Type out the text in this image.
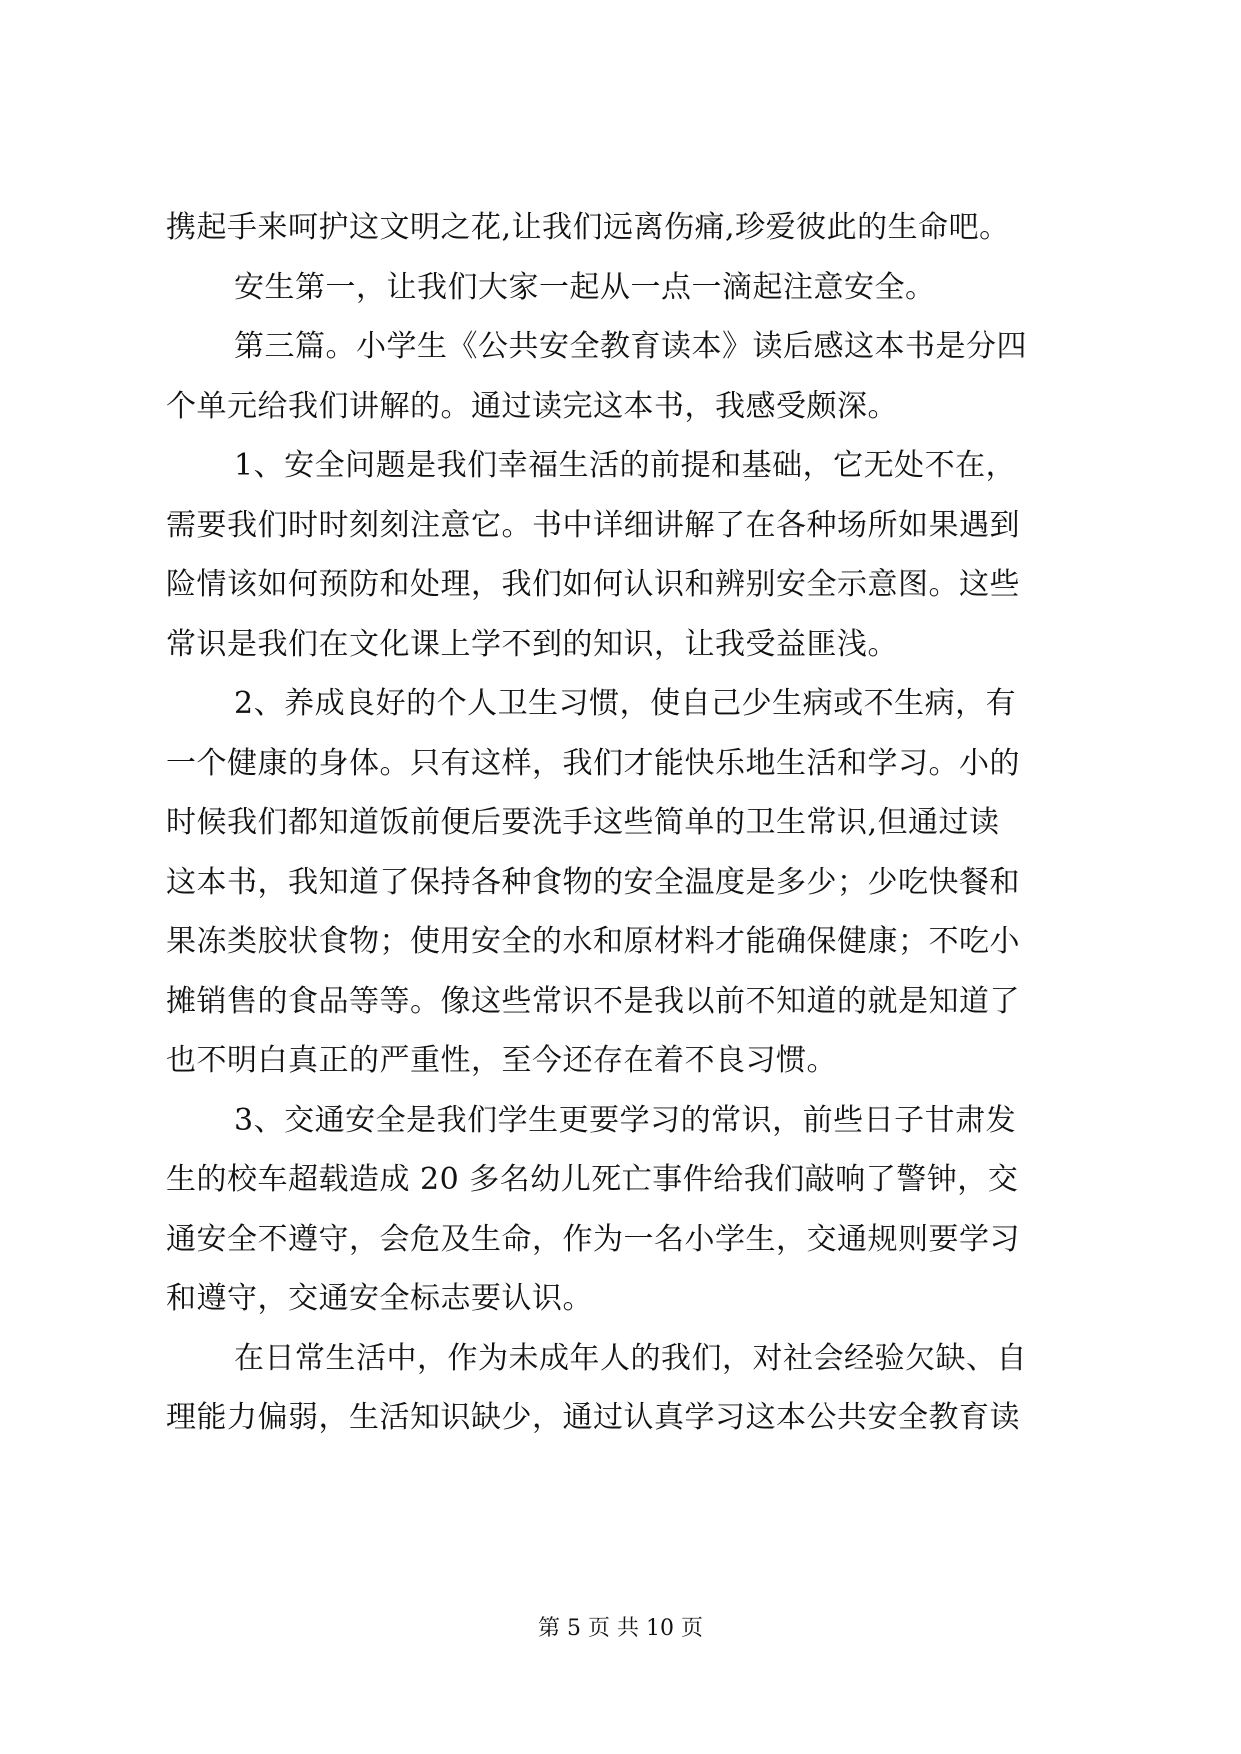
携起手来呵护这文明之花,让我们远离伤痛,珍爱彼此的生命吧。
安生第一，让我们大家一起从一点一滴起注意安全。
第三篇。小学生《公共安全教育读本》读后感这本书是分四
个单元给我们讲解的。通过读完这本书，我感受颇深。
1、安全问题是我们幸福生活的前提和基础，它无处不在，
需要我们时时刻刻注意它。书中详细讲解了在各种场所如果遇到
险情该如何预防和处理，我们如何认识和辨别安全示意图。这些
常识是我们在文化课上学不到的知识，让我受益匪浅。
2、养成良好的个人卫生习惯，使自己少生病或不生病，有
一个健康的身体。只有这样，我们才能快乐地生活和学习。小的
时候我们都知道饭前便后要洗手这些简单的卫生常识,但通过读
这本书，我知道了保持各种食物的安全温度是多少；少吃快餐和
果冻类胶状食物；使用安全的水和原材料才能确保健康；不吃小
摊销售的食品等等。像这些常识不是我以前不知道的就是知道了
也不明白真正的严重性，至今还存在着不良习惯。
3、交通安全是我们学生更要学习的常识，前些日子甘肃发
生的校车超载造成 20 多名幼儿死亡事件给我们敲响了警钟，交
通安全不遵守，会危及生命，作为一名小学生，交通规则要学习
和遵守，交通安全标志要认识。
在日常生活中，作为未成年人的我们，对社会经验欠缺、自
理能力偏弱，生活知识缺少，通过认真学习这本公共安全教育读
第 5 页 共 10 页
